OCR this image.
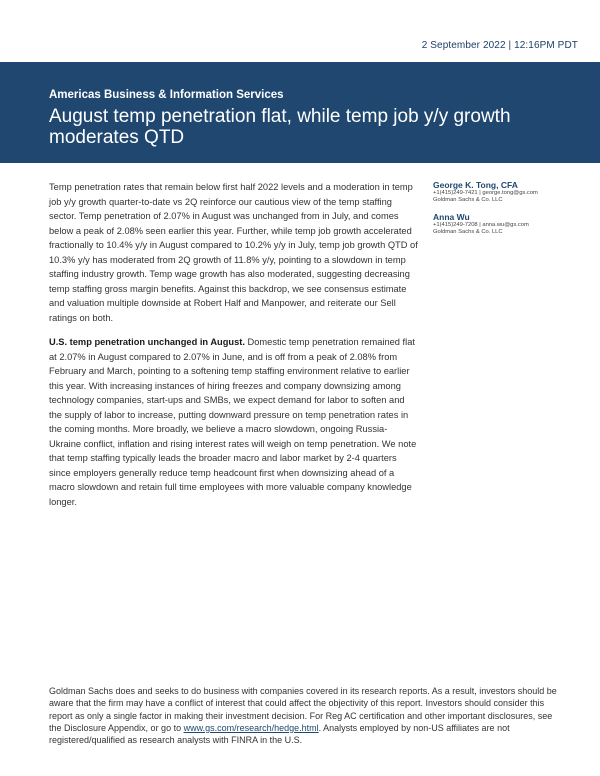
2 September 2022 | 12:16PM PDT
Americas Business & Information Services
August temp penetration flat, while temp job y/y growth moderates QTD

Temp penetration rates that remain below first half 2022 levels and a moderation in temp job y/y growth quarter-to-date vs 2Q reinforce our cautious view of the temp staffing sector. Temp penetration of 2.07% in August was unchanged from in July, and comes below a peak of 2.08% seen earlier this year. Further, while temp job growth accelerated fractionally to 10.4% y/y in August compared to 10.2% y/y in July, temp job growth QTD of 10.3% y/y has moderated from 2Q growth of 11.8% y/y, pointing to a slowdown in temp staffing industry growth. Temp wage growth has also moderated, suggesting decreasing temp staffing gross margin benefits. Against this backdrop, we see consensus estimate and valuation multiple downside at Robert Half and Manpower, and reiterate our Sell ratings on both.

U.S. temp penetration unchanged in August. Domestic temp penetration remained flat at 2.07% in August compared to 2.07% in June, and is off from a peak of 2.08% from February and March, pointing to a softening temp staffing environment relative to earlier this year. With increasing instances of hiring freezes and company downsizing among technology companies, start-ups and SMBs, we expect demand for labor to soften and the supply of labor to increase, putting downward pressure on temp penetration rates in the coming months. More broadly, we believe a macro slowdown, ongoing Russia-Ukraine conflict, inflation and rising interest rates will weigh on temp penetration. We note that temp staffing typically leads the broader macro and labor market by 2-4 quarters since employers generally reduce temp headcount first when downsizing ahead of a macro slowdown and retain full time employees with more valuable company knowledge longer.

George K. Tong, CFA
+1(415)249-7421 | george.tong@gs.com
Goldman Sachs & Co. LLC
Anna Wu
+1(415)249-7208 | anna.wu@gs.com
Goldman Sachs & Co. LLC
Goldman Sachs does and seeks to do business with companies covered in its research reports. As a result, investors should be aware that the firm may have a conflict of interest that could affect the objectivity of this report. Investors should consider this report as only a single factor in making their investment decision. For Reg AC certification and other important disclosures, see the Disclosure Appendix, or go to www.gs.com/research/hedge.html. Analysts employed by non-US affiliates are not registered/qualified as research analysts with FINRA in the U.S.
